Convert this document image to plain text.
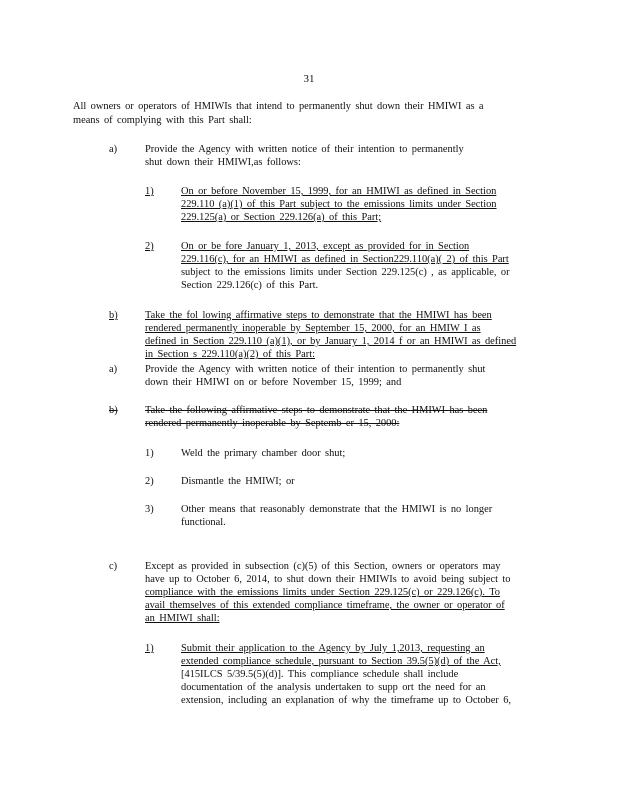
31
All owners or operators of HMIWIs that intend to permanently shut down their HMIWI as a
means of complying with this Part shall:
a)	Provide the Agency with written notice of their intention to permanently
shut down their HMIWI,as follows:
1)	On or before November 15, 1999, for an HMIWI as defined in Section
229.110 (a)(1) of this Part subject to the emissions limits under Section
229.125(a) or Section 229.126(a) of this Part;
2)	On or be fore January 1, 2013, except as provided for in Section
229.116(c), for an HMIWI as defined in Section229.110(a)( 2) of this Part
subject to the emissions limits under Section 229.125(c) , as applicable, or
Section 229.126(c) of this Part.
b)	Take the fol lowing affirmative steps to demonstrate that the HMIWI has been
rendered permanently inoperable by September 15, 2000, for an HMIW I as
defined in Section 229.110 (a)(1), or by January 1, 2014 f or an HMIWI as defined
in Section s 229.110(a)(2) of this Part:
a)	Provide the Agency with written notice of their intention to permanently shut
down their HMIWI on or before November 15, 1999; and
b)	Take the following affirmative steps to demonstrate that the HMIWI has been
rendered permanently inoperable by Septemb er 15, 2000:
1)	Weld the primary chamber door shut;
2)	Dismantle the HMIWI; or
3)	Other means that reasonably demonstrate that the HMIWI is no longer
functional.
c)	Except as provided in subsection (c)(5) of this Section, owners or operators may
have up to October 6, 2014, to shut down their HMIWIs to avoid being subject to
compliance with the emissions limits under Section 229.125(c) or 229.126(c). To
avail themselves of this extended compliance timeframe, the owner or operator of
an HMIWI shall:
1)	Submit their application to the Agency by July 1,2013, requesting an
extended compliance schedule, pursuant to Section 39.5(5)(d) of the Act,
[415ILCS 5/39.5(5)(d)]. This compliance schedule shall include
documentation of the analysis undertaken to supp ort the need for an
extension, including an explanation of why the timeframe up to October 6,
